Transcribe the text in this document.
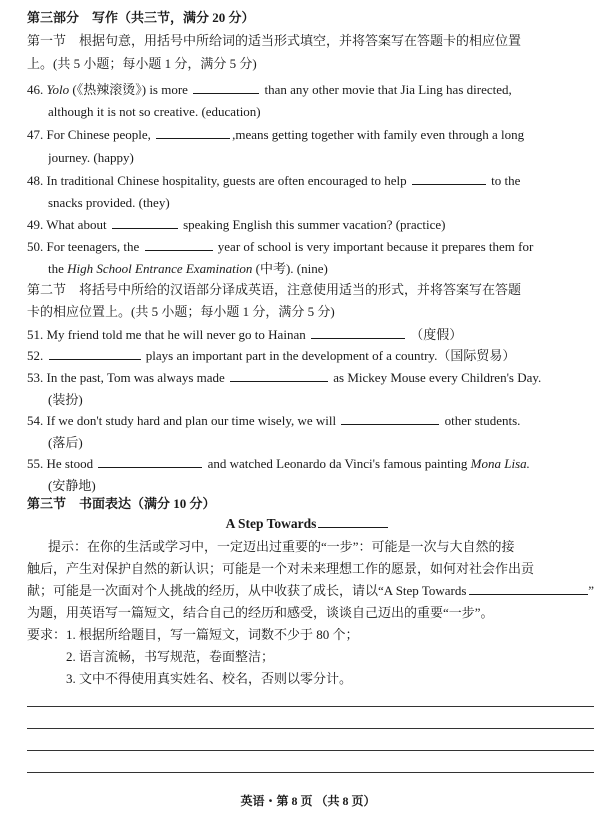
第三部分　写作（共三节，满分 20 分）
第一节　根据句意，用括号中所给词的适当形式填空，并将答案写在答题卡的相应位置
上。(共 5 小题；每小题 1 分，满分 5 分)
46. Yolo (《热辣滚烫》) is more	than any other movie that Jia Ling has directed,
although it is not so creative. (education)
47. For Chinese people,	,means getting together with family even through a long
journey. (happy)
48. In traditional Chinese hospitality, guests are often encouraged to help	to the
snacks provided. (they)
49. What about	speaking English this summer vacation? (practice)
50. For teenagers, the	year of school is very important because it prepares them for
the High School Entrance Examination (中考). (nine)
第二节　将括号中所给的汉语部分译成英语，注意使用适当的形式，并将答案写在答题
卡的相应位置上。(共 5 小题；每小题 1 分，满分 5 分)
51. My friend told me that he will never go to Hainan	（度假）
52.	plays an important part in the development of a country.（国际贸易）
53. In the past, Tom was always made	as Mickey Mouse every Children's Day.
(装扮)
54. If we don't study hard and plan our time wisely, we will	other students.
(落后)
55. He stood	and watched Leonardo da Vinci's famous painting Mona Lisa.
(安静地)
第三节　书面表达（满分 10 分）
A Step Towards
提示：在你的生活或学习中，一定迈出过重要的“一步”：可能是一次与大自然的接
触后，产生对保护自然的新认识；可能是一个对未来理想工作的愿景，如何对社会作出贡
献；可能是一次面对个人挑战的经历，从中收获了成长，请以“A Step Towards	”
为题，用英语写一篇短文，结合自己的经历和感受，谈谈自己迈出的重要“一步”。
要求：1. 根据所给题目，写一篇短文，词数不少于 80 个；
2. 语言流畅，书写规范，卷面整洁；
3. 文中不得使用真实姓名、校名，否则以零分计。
英语・第 8 页 （共 8 页）
